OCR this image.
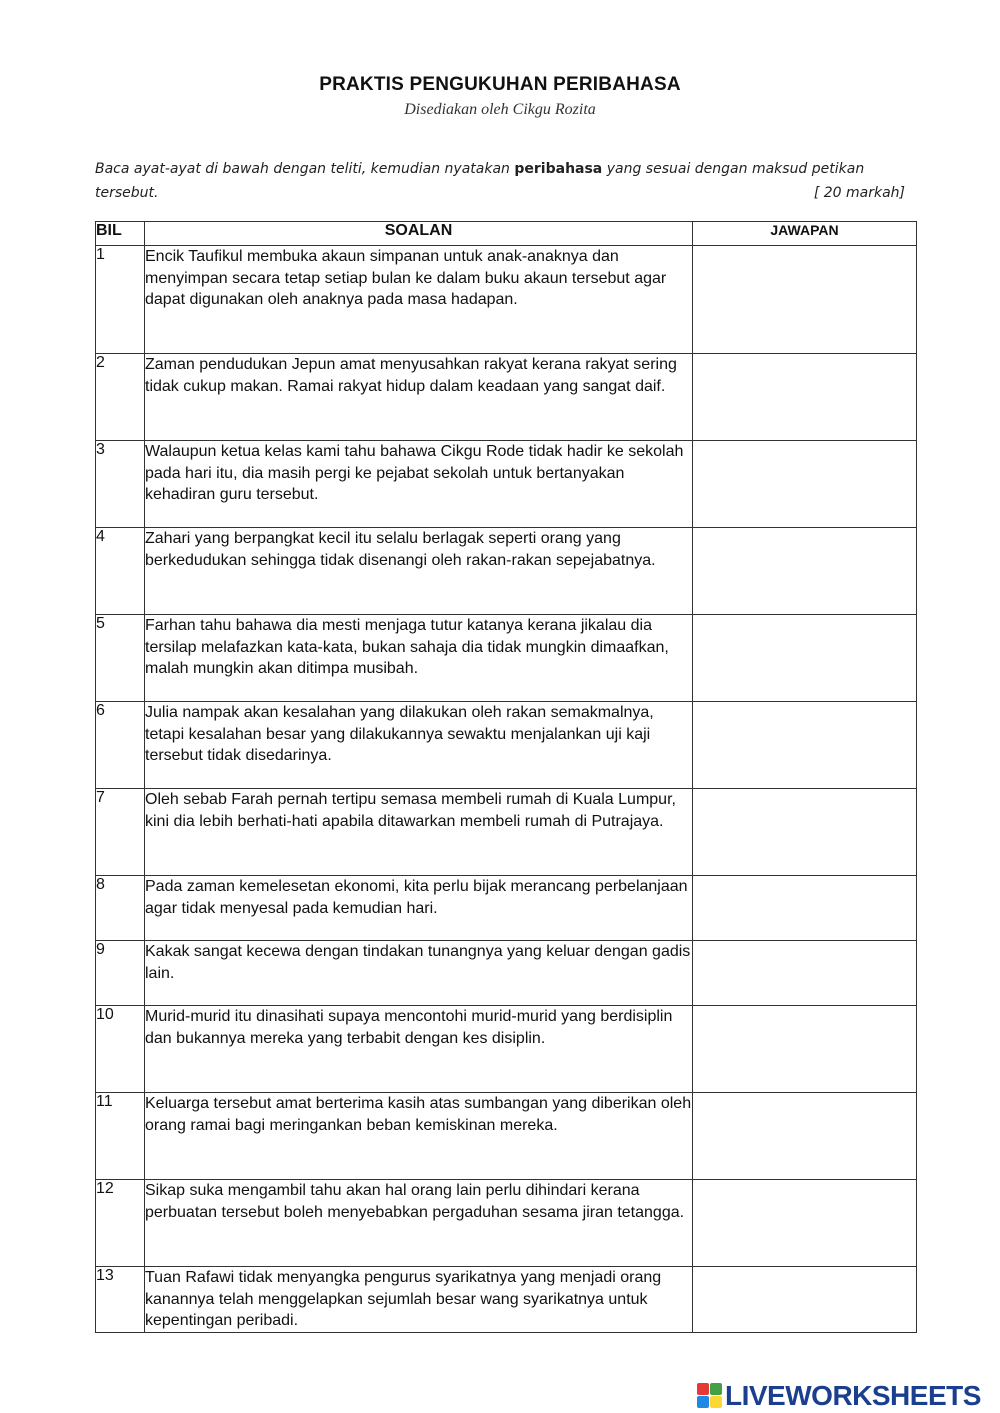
PRAKTIS PENGUKUHAN PERIBAHASA
Disediakan oleh Cikgu Rozita
Baca ayat-ayat di bawah dengan teliti, kemudian nyatakan peribahasa yang sesuai dengan maksud petikan
tersebut.	[ 20 markah]
BIL	SOALAN	JAWAPAN
1	Encik Taufikul membuka akaun simpanan untuk anak-anaknya dan menyimpan secara tetap setiap bulan ke dalam buku akaun tersebut agar dapat digunakan oleh anaknya pada masa hadapan.	
2	Zaman pendudukan Jepun amat menyusahkan rakyat kerana rakyat sering tidak cukup makan. Ramai rakyat hidup dalam keadaan yang sangat daif.	
3	Walaupun ketua kelas kami tahu bahawa Cikgu Rode tidak hadir ke sekolah pada hari itu, dia masih pergi ke pejabat sekolah untuk bertanyakan kehadiran guru tersebut.	
4	Zahari yang berpangkat kecil itu selalu berlagak seperti orang yang berkedudukan sehingga tidak disenangi oleh rakan-rakan sepejabatnya.	
5	Farhan tahu bahawa dia mesti menjaga tutur katanya kerana jikalau dia tersilap melafazkan kata-kata, bukan sahaja dia tidak mungkin dimaafkan, malah mungkin akan ditimpa musibah.	
6	Julia nampak akan kesalahan yang dilakukan oleh rakan semakmalnya, tetapi kesalahan besar yang dilakukannya sewaktu menjalankan uji kaji tersebut tidak disedarinya.	
7	Oleh sebab Farah pernah tertipu semasa membeli rumah di Kuala Lumpur, kini dia lebih berhati-hati apabila ditawarkan membeli rumah di Putrajaya.	
8	Pada zaman kemelesetan ekonomi, kita perlu bijak merancang perbelanjaan agar tidak menyesal pada kemudian hari.	
9	Kakak sangat kecewa dengan tindakan tunangnya yang keluar dengan gadis lain.	
10	Murid-murid itu dinasihati supaya mencontohi murid-murid yang berdisiplin dan bukannya mereka yang terbabit dengan kes disiplin.	
11	Keluarga tersebut amat berterima kasih atas sumbangan yang diberikan oleh orang ramai bagi meringankan beban kemiskinan mereka.	
12	Sikap suka mengambil tahu akan hal orang lain perlu dihindari kerana perbuatan tersebut boleh menyebabkan pergaduhan sesama jiran tetangga.	
13	Tuan Rafawi tidak menyangka pengurus syarikatnya yang menjadi orang kanannya telah menggelapkan sejumlah besar wang syarikatnya untuk kepentingan peribadi.	
LIVEWORKSHEETS
